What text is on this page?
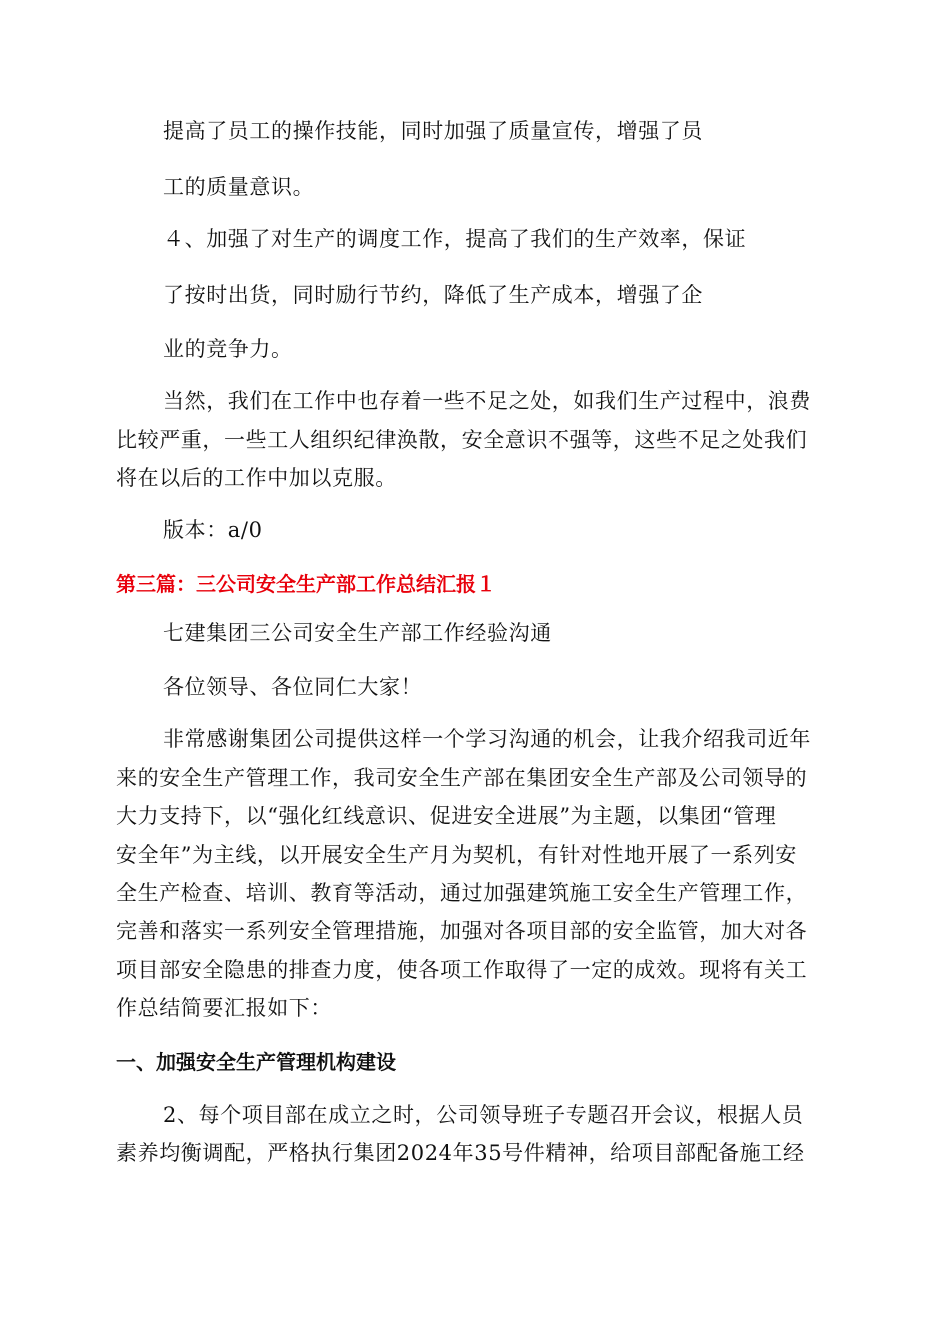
提高了员工的操作技能，同时加强了质量宣传，增强了员
工的质量意识。
４、加强了对生产的调度工作，提高了我们的生产效率，保证
了按时出货，同时励行节约，降低了生产成本，增强了企
业的竞争力。
当然，我们在工作中也存着一些不足之处，如我们生产过程中，浪费
比较严重，一些工人组织纪律涣散，安全意识不强等，这些不足之处我们
将在以后的工作中加以克服。
版本：a/0
第三篇：三公司安全生产部工作总结汇报１
七建集团三公司安全生产部工作经验沟通
各位领导、各位同仁大家！
非常感谢集团公司提供这样一个学习沟通的机会，让我介绍我司近年
来的安全生产管理工作，我司安全生产部在集团安全生产部及公司领导的
大力支持下，以“强化红线意识、促进安全进展”为主题，以集团“管理
安全年”为主线，以开展安全生产月为契机，有针对性地开展了一系列安
全生产检查、培训、教育等活动，通过加强建筑施工安全生产管理工作，
完善和落实一系列安全管理措施，加强对各项目部的安全监管，加大对各
项目部安全隐患的排查力度，使各项工作取得了一定的成效。现将有关工
作总结简要汇报如下：
一、加强安全生产管理机构建设
2、每个项目部在成立之时，公司领导班子专题召开会议，根据人员
素养均衡调配，严格执行集团2024年35号件精神，给项目部配备施工经
